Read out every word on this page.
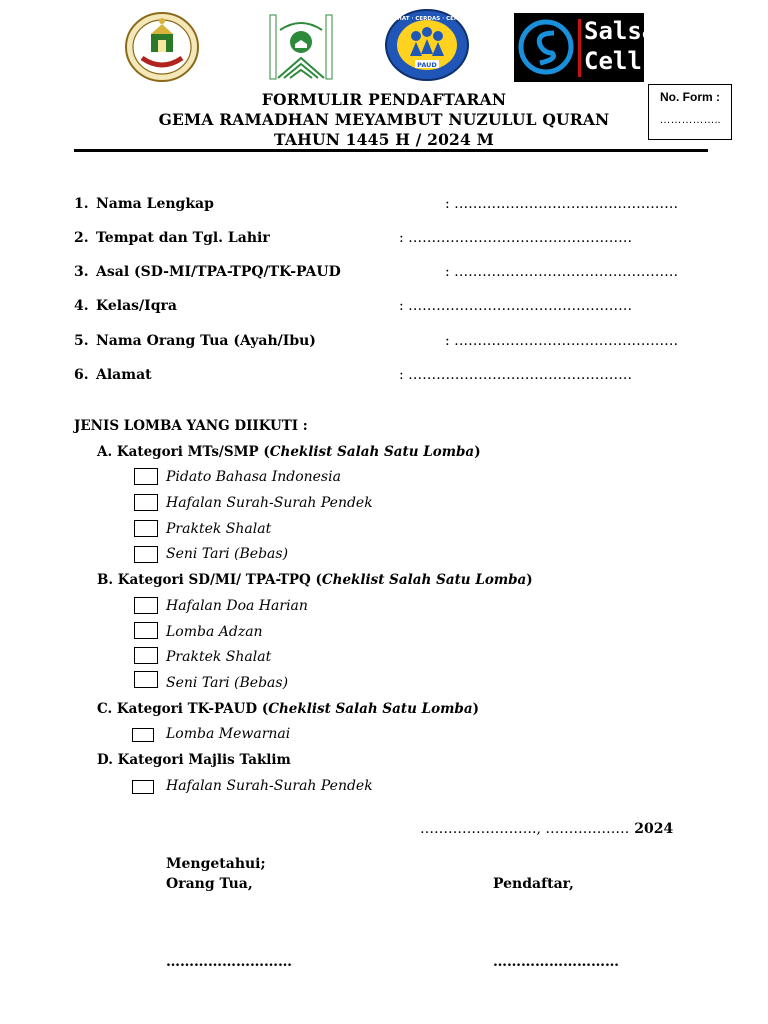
PAUD
SEHAT · CERDAS · CERIA	Salsa
Cell
No. Form :
……………..
FORMULIR PENDAFTARAN
GEMA RAMADHAN MEYAMBUT NUZULUL QURAN
TAHUN 1445 H / 2024 M
1. Nama Lengkap	: …………………………………………
2. Tempat dan Tgl. Lahir	: …………………………………………
3. Asal (SD-MI/TPA-TPQ/TK-PAUD	: …………………………………………
4. Kelas/Iqra	: …………………………………………
5. Nama Orang Tua (Ayah/Ibu)	: …………………………………………
6. Alamat	: …………………………………………
JENIS LOMBA YANG DIIKUTI :
A. Kategori MTs/SMP (Cheklist Salah Satu Lomba)
Pidato Bahasa Indonesia
Hafalan Surah-Surah Pendek
Praktek Shalat
Seni Tari (Bebas)
B. Kategori SD/MI/ TPA-TPQ (Cheklist Salah Satu Lomba)
Hafalan Doa Harian
Lomba Adzan
Praktek Shalat
Seni Tari (Bebas)
C. Kategori TK-PAUD (Cheklist Salah Satu Lomba)
Lomba Mewarnai
D. Kategori Majlis Taklim
Hafalan Surah-Surah Pendek
……………………., ……………… 2024
Mengetahui;
Orang Tua,	Pendaftar,
………………………	………………………
